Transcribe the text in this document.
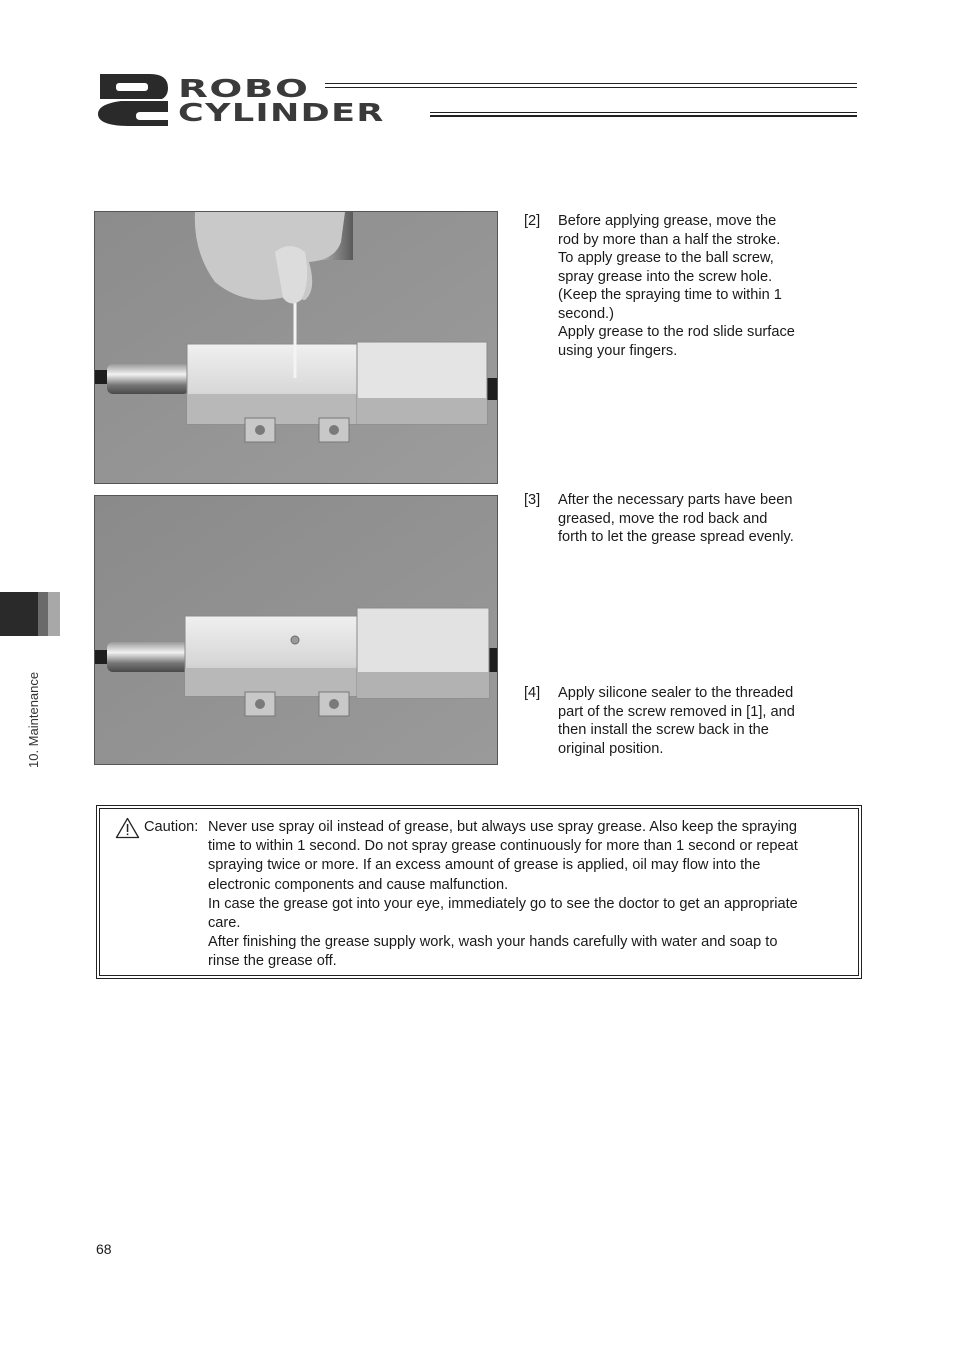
ROBO
CYLINDER
[2] Before applying grease, move the

rod by more than a half the stroke.

To apply grease to the ball screw,

spray grease into the screw hole.

(Keep the spraying time to within 1

second.)

Apply grease to the rod slide surface

using your fingers.

[3] After the necessary parts have been

greased, move the rod back and

forth to let the grease spread evenly.

[4] Apply silicone sealer to the threaded

part of the screw removed in [1], and

then install the screw back in the

original position.

10. Maintenance
Caution: Never use spray oil instead of grease, but always use spray grease. Also keep the spraying

time to within 1 second. Do not spray grease continuously for more than 1 second or repeat

spraying twice or more. If an excess amount of grease is applied, oil may flow into the

electronic components and cause malfunction.

In case the grease got into your eye, immediately go to see the doctor to get an appropriate

care.

After finishing the grease supply work, wash your hands carefully with water and soap to

rinse the grease off.

68
